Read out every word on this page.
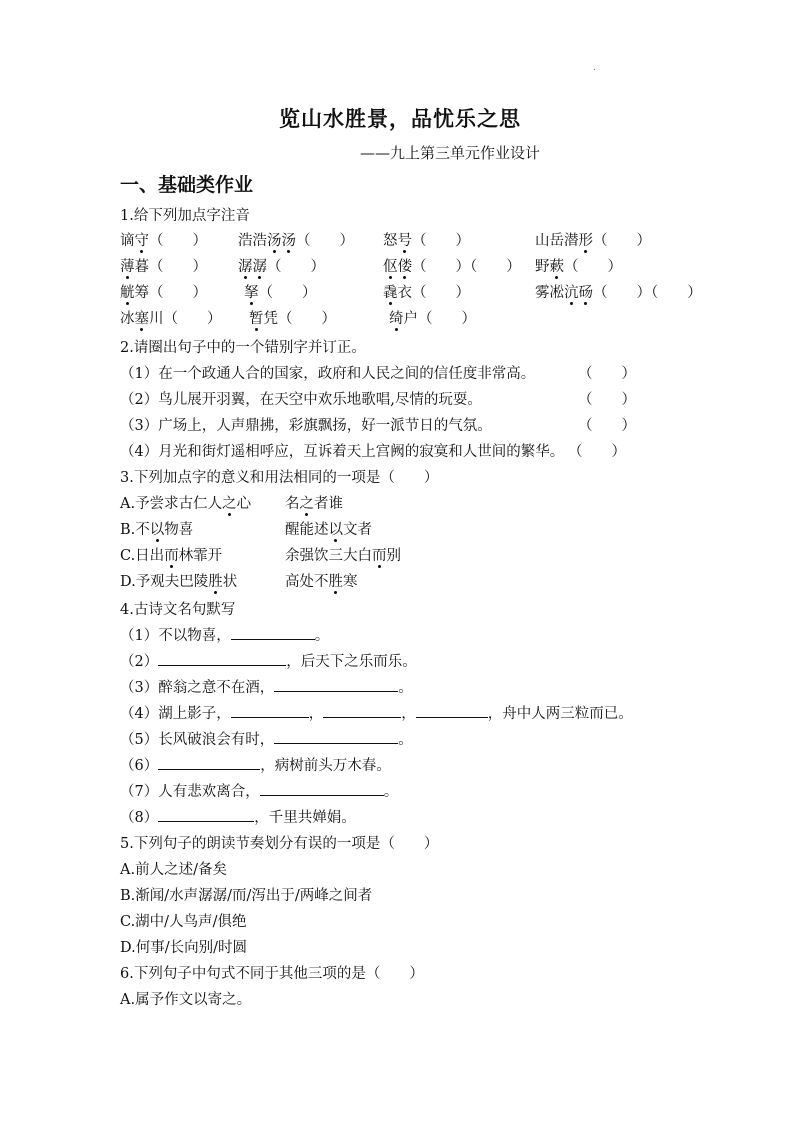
.
览山水胜景，品忧乐之思
——九上第三单元作业设计
一、基础类作业
1.给下列加点字注音
谪守（　　） 浩浩汤汤（　　） 怒号（　　）	山岳潜形（　　）
薄暮（　　） 潺潺（　　）	伛偻（　　）（　　） 野蔌（　　）
觥筹（　　）	拏（　　）	毳衣（　　）	雾凇沆砀（　　）（　　）
冰塞川（　　） 暂凭（　　）	绮户（　　）
2.请圈出句子中的一个错别字并订正。
（1）在一个政通人合的国家，政府和人民之间的信任度非常高。	（　　）
（2）鸟儿展开羽翼，在天空中欢乐地歌唱,尽情的玩耍。	（　　）
（3）广场上，人声鼎拂，彩旗飘扬，好一派节日的气氛。	（　　）
（4）月光和街灯遥相呼应，互诉着天上宫阙的寂寞和人世间的繁华。 （　　）
3.下列加点字的意义和用法相同的一项是（　　）
A.予尝求古仁人之心 名之者谁
B.不以物喜	醒能述以文者
C.日出而林霏开	余强饮三大白而别
D.予观夫巴陵胜状	高处不胜寒
4.古诗文名句默写
（1）不以物喜，	。
（2）	，后天下之乐而乐。
（3）醉翁之意不在酒，	。
（4）湖上影子，	，	，	，舟中人两三粒而已。
（5）长风破浪会有时，	。
（6）	，病树前头万木春。
（7）人有悲欢离合，	。
（8）	，千里共婵娟。
5.下列句子的朗读节奏划分有误的一项是（　　）
A.前人之述/备矣
B.渐闻/水声潺潺/而/泻出于/两峰之间者
C.湖中/人鸟声/俱绝
D.何事/长向别/时圆
6.下列句子中句式不同于其他三项的是（　　）
A.属予作文以寄之。
